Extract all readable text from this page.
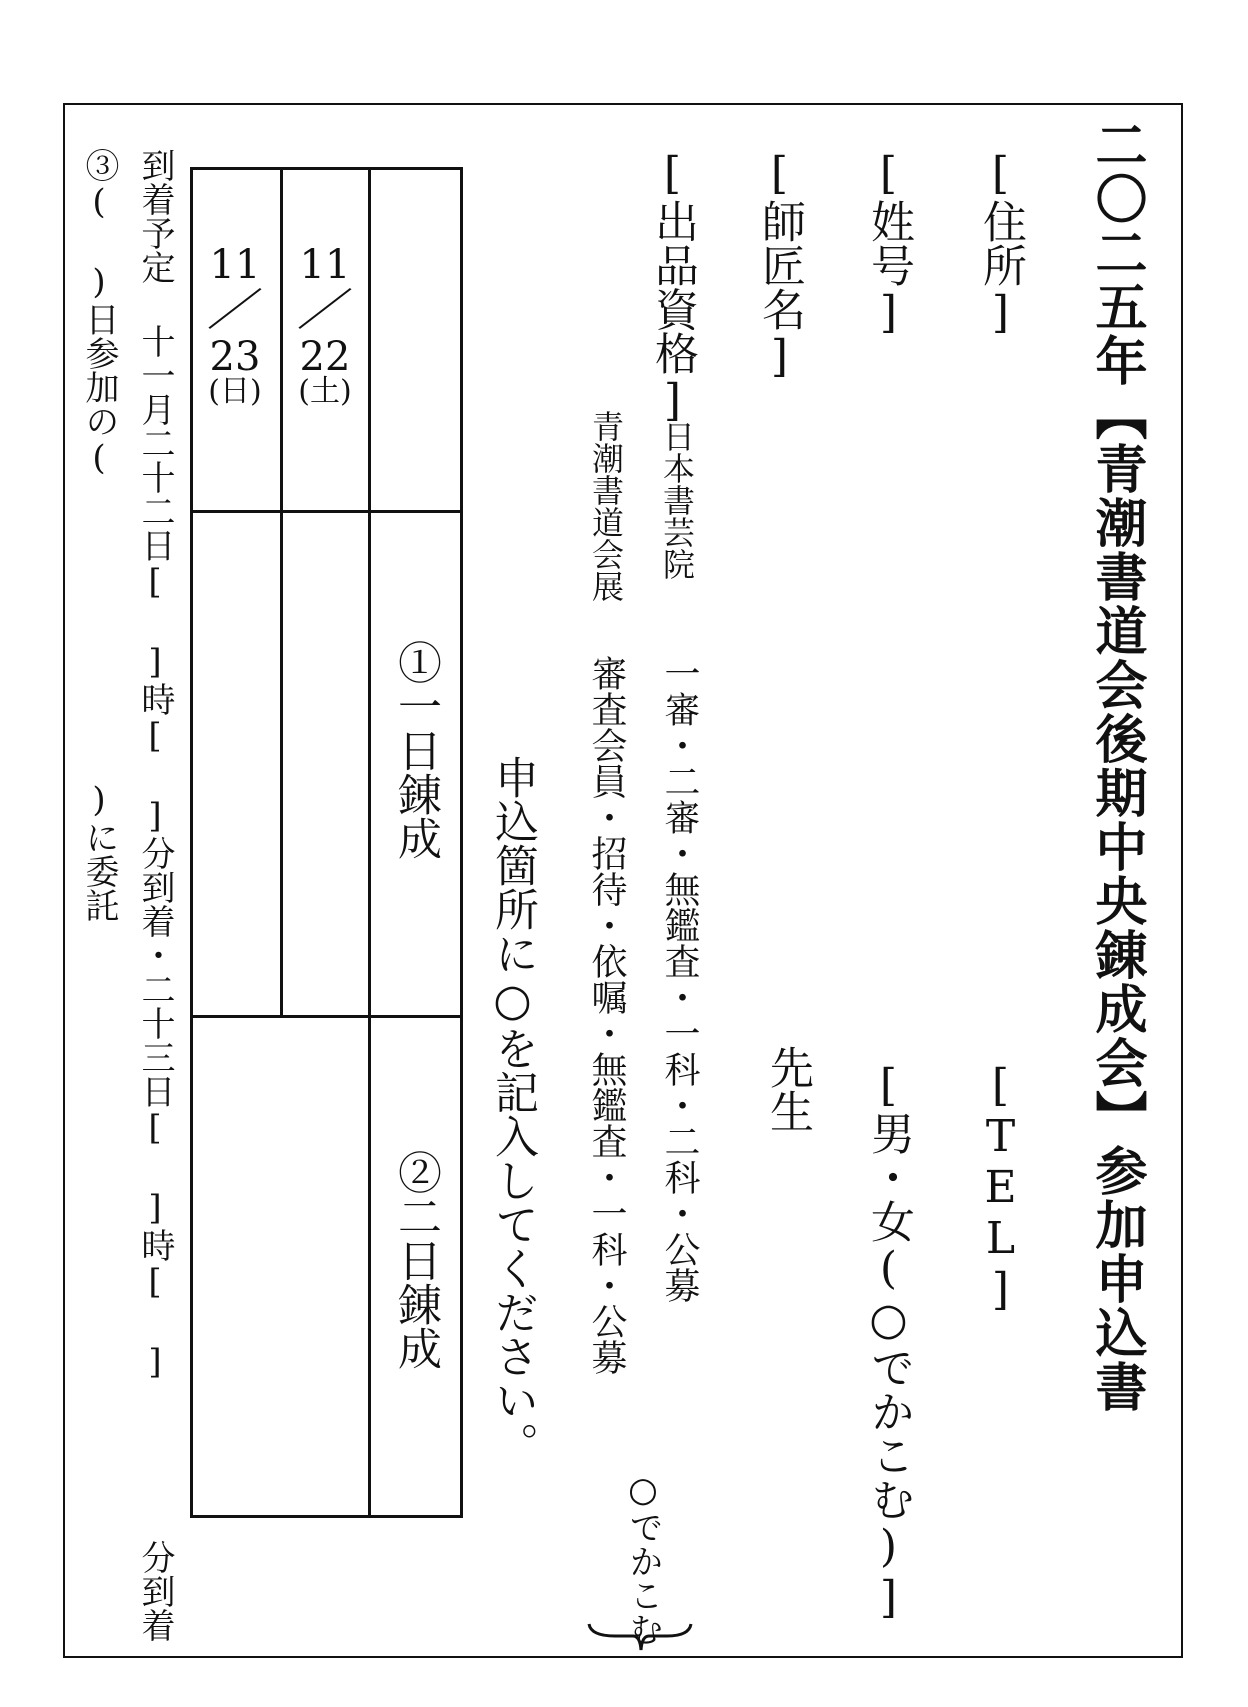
二〇二五年【青潮書道会後期中央錬成会】参加申込書
[住所]
[TEL]
[姓号]
[男・女(○でかこむ)]
[師匠名]
先生
[出品資格]
日本書芸院
一審・二審・無鑑査・一科・二科・公募
青潮書道会展
審査会員・招待・依嘱・無鑑査・一科・公募
○でかこむ
申込箇所に○を記入してください。
11
／
22
(土)
11
／
23
(日)
①一日錬成
②二日錬成
到着予定 十一月二十二日[ ]時[ ]分到着・二十三日[ ]時[ ]
分到着
③( )日参加の(
)に委託
